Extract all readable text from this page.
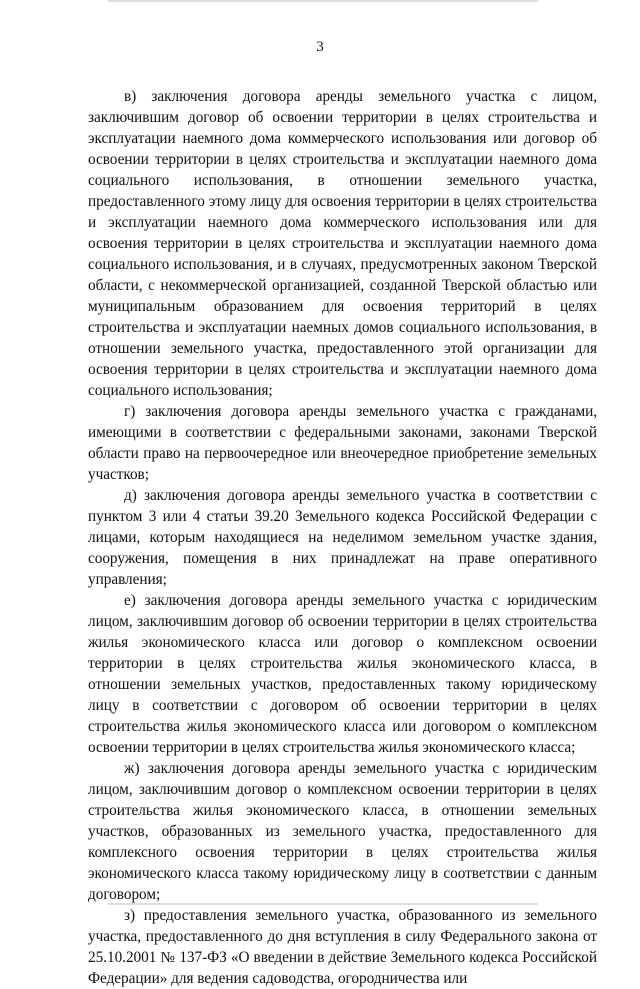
3

в) заключения договора аренды земельного участка с лицом, заключившим договор об освоении территории в целях строительства и эксплуатации наемного дома коммерческого использования или договор об освоении территории в целях строительства и эксплуатации наемного дома социального использования, в отношении земельного участка, предоставленного этому лицу для освоения территории в целях строительства и эксплуатации наемного дома коммерческого использования или для освоения территории в целях строительства и эксплуатации наемного дома социального использования, и в случаях, предусмотренных законом Тверской области, с некоммерческой организацией, созданной Тверской областью или муниципальным образованием для освоения территорий в целях строительства и эксплуатации наемных домов социального использования, в отношении земельного участка, предоставленного этой организации для освоения территории в целях строительства и эксплуатации наемного дома социального использования;

г) заключения договора аренды земельного участка с гражданами, имеющими в соответствии с федеральными законами, законами Тверской области право на первоочередное или внеочередное приобретение земельных участков;

д) заключения договора аренды земельного участка в соответствии с пунктом 3 или 4 статьи 39.20 Земельного кодекса Российской Федерации с лицами, которым находящиеся на неделимом земельном участке здания, сооружения, помещения в них принадлежат на праве оперативного управления;

е) заключения договора аренды земельного участка с юридическим лицом, заключившим договор об освоении территории в целях строительства жилья экономического класса или договор о комплексном освоении территории в целях строительства жилья экономического класса, в отношении земельных участков, предоставленных такому юридическому лицу в соответствии с договором об освоении территории в целях строительства жилья экономического класса или договором о комплексном освоении территории в целях строительства жилья экономического класса;

ж) заключения договора аренды земельного участка с юридическим лицом, заключившим договор о комплексном освоении территории в целях строительства жилья экономического класса, в отношении земельных участков, образованных из земельного участка, предоставленного для комплексного освоения территории в целях строительства жилья экономического класса такому юридическому лицу в соответствии с данным договором;

з) предоставления земельного участка, образованного из земельного участка, предоставленного до дня вступления в силу Федерального закона от 25.10.2001 № 137-ФЗ «О введении в действие Земельного кодекса Российской Федерации» для ведения садоводства, огородничества или
